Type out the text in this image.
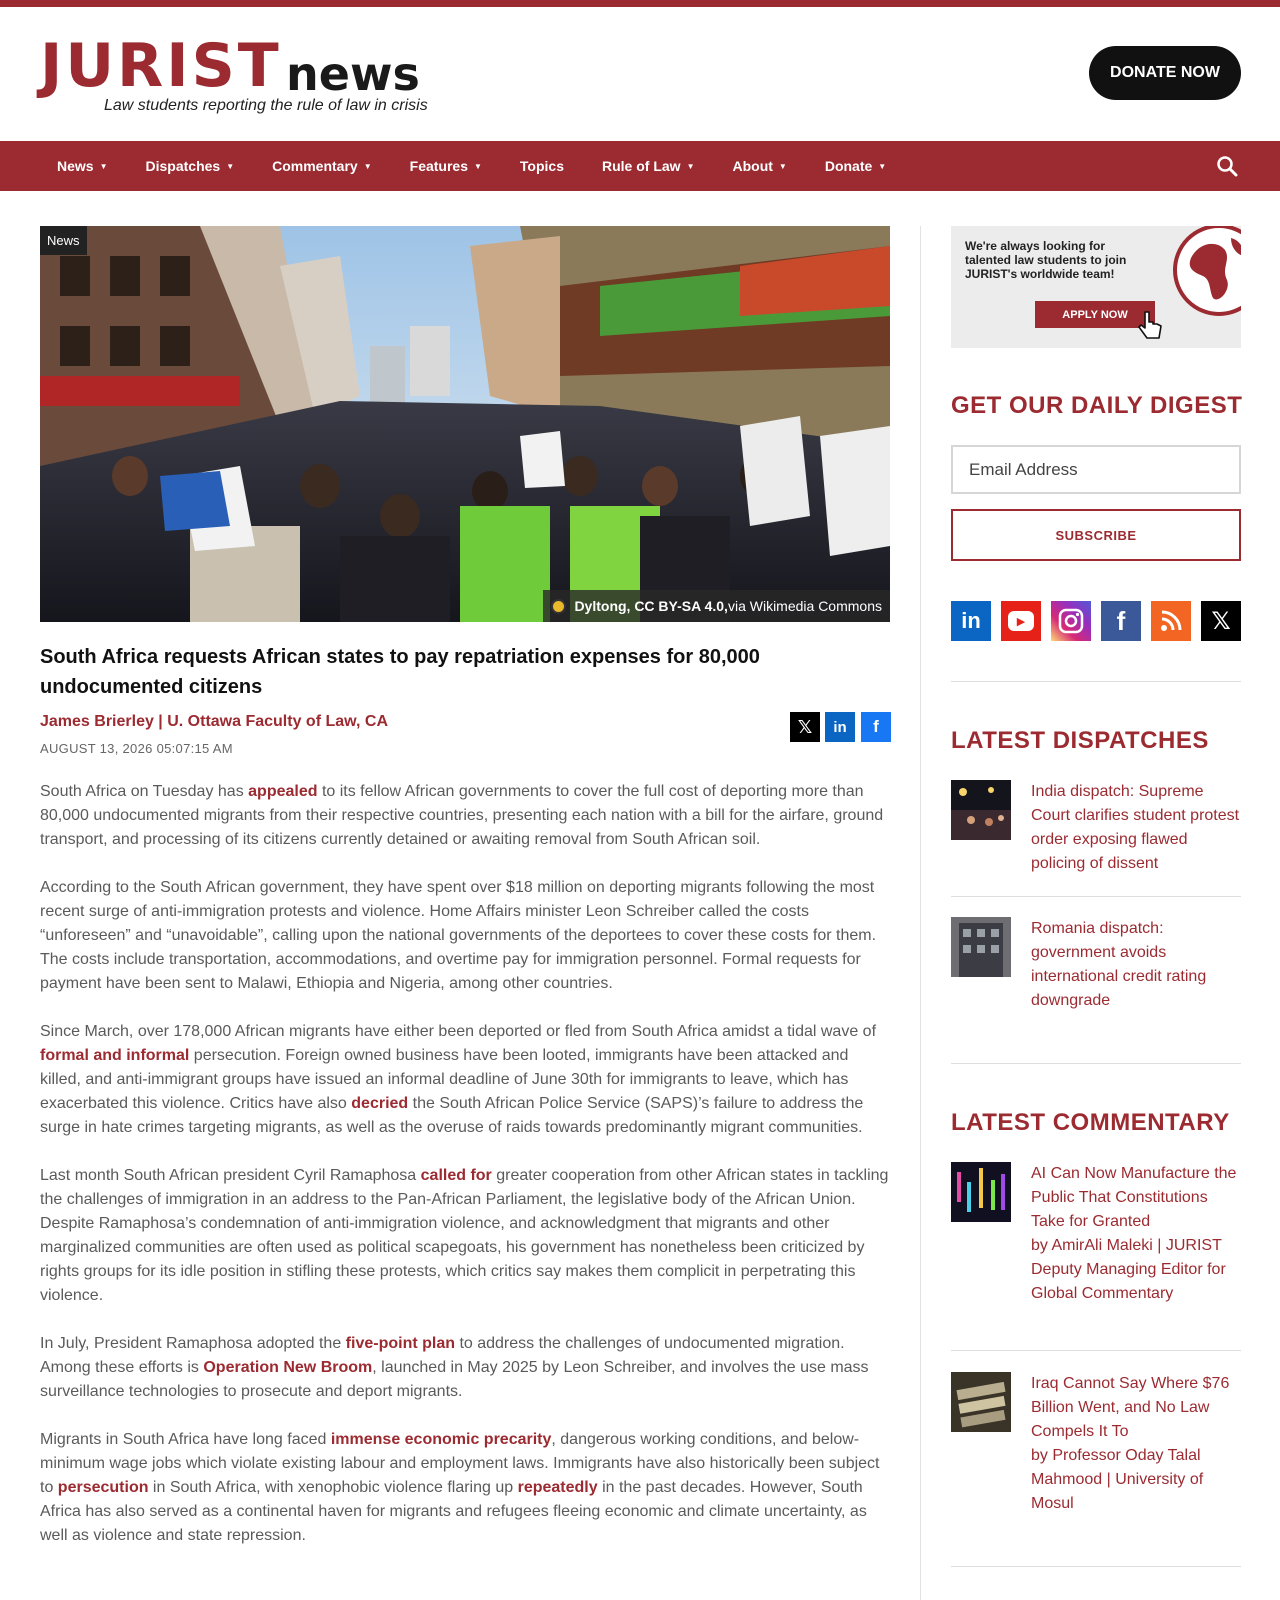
JURIST news
Law students reporting the rule of law in crisis
DONATE NOW
News ▼	Dispatches ▼	Commentary ▼	Features ▼	Topics	Rule of Law ▼	About ▼	Donate ▼
News
Dyltong, CC BY-SA 4.0, via Wikimedia Commons
South Africa requests African states to pay repatriation expenses for 80,000 undocumented citizens
James Brierley | U. Ottawa Faculty of Law, CA
AUGUST 13, 2026 05:07:15 AM
𝕏 in f

South Africa on Tuesday has appealed to its fellow African governments to cover the full cost of deporting more than 80,000 undocumented migrants from their respective countries, presenting each nation with a bill for the airfare, ground transport, and processing of its citizens currently detained or awaiting removal from South African soil.

According to the South African government, they have spent over $18 million on deporting migrants following the most recent surge of anti-immigration protests and violence. Home Affairs minister Leon Schreiber called the costs “unforeseen” and “unavoidable”, calling upon the national governments of the deportees to cover these costs for them. The costs include transportation, accommodations, and overtime pay for immigration personnel. Formal requests for payment have been sent to Malawi, Ethiopia and Nigeria, among other countries.

Since March, over 178,000 African migrants have either been deported or fled from South Africa amidst a tidal wave of formal and informal persecution. Foreign owned business have been looted, immigrants have been attacked and killed, and anti-immigrant groups have issued an informal deadline of June 30th for immigrants to leave, which has exacerbated this violence. Critics have also decried the South African Police Service (SAPS)’s failure to address the surge in hate crimes targeting migrants, as well as the overuse of raids towards predominantly migrant communities.

Last month South African president Cyril Ramaphosa called for greater cooperation from other African states in tackling the challenges of immigration in an address to the Pan-African Parliament, the legislative body of the African Union. Despite Ramaphosa’s condemnation of anti-immigration violence, and acknowledgment that migrants and other marginalized communities are often used as political scapegoats, his government has nonetheless been criticized by rights groups for its idle position in stifling these protests, which critics say makes them complicit in perpetrating this violence.

In July, President Ramaphosa adopted the five-point plan to address the challenges of undocumented migration. Among these efforts is Operation New Broom, launched in May 2025 by Leon Schreiber, and involves the use mass surveillance technologies to prosecute and deport migrants.

Migrants in South Africa have long faced immense economic precarity, dangerous working conditions, and below-minimum wage jobs which violate existing labour and employment laws. Immigrants have also historically been subject to persecution in South Africa, with xenophobic violence flaring up repeatedly in the past decades. However, South Africa has also served as a continental haven for migrants and refugees fleeing economic and climate uncertainty, as well as violence and state repression.

We're always looking for talented law students to join JURIST's worldwide team!
APPLY NOW
GET OUR DAILY DIGEST
Email Address
SUBSCRIBE
in	▶	f	𝕏
LATEST DISPATCHES
India dispatch: Supreme Court clarifies student protest order exposing flawed policing of dissent
Romania dispatch: government avoids international credit rating downgrade
LATEST COMMENTARY
AI Can Now Manufacture the Public That Constitutions Take for Granted
by AmirAli Maleki | JURIST Deputy Managing Editor for Global Commentary
Iraq Cannot Say Where $76 Billion Went, and No Law Compels It To
by Professor Oday Talal Mahmood | University of Mosul
